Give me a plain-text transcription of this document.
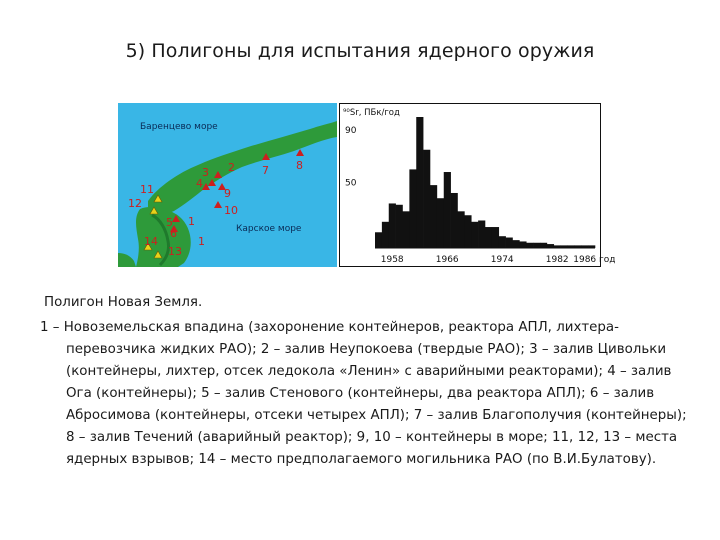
5) Полигоны для испытания ядерного оружия
Баренцево море
Карское море
8
7
2
3
4
9
10
1
1
11
12
5
6
14
13
⁹⁰Sr, ПБк/год
50
90
1958	1966	1974	1982 1986 год
Полигон Новая Земля.
1 – Новоземельская впадина (захоронение контейнеров, реактора АПЛ, лихтера-перевозчика жидких РАО); 2 – залив Неупокоева (твердые РАО); 3 – залив Цивольки (контейнеры, лихтер, отсек ледокола «Ленин» с аварийными реакторами); 4 – залив Ога (контейнеры); 5 – залив Стенового (контейнеры, два реактора АПЛ); 6 – залив Абросимова (контейнеры, отсеки четырех АПЛ); 7 – залив Благополучия (контейнеры); 8 – залив Течений (аварийный реактор); 9, 10 – контейнеры в море; 11, 12, 13 – места ядерных взрывов; 14 – место предполагаемого могильника РАО (по В.И.Булатову).
